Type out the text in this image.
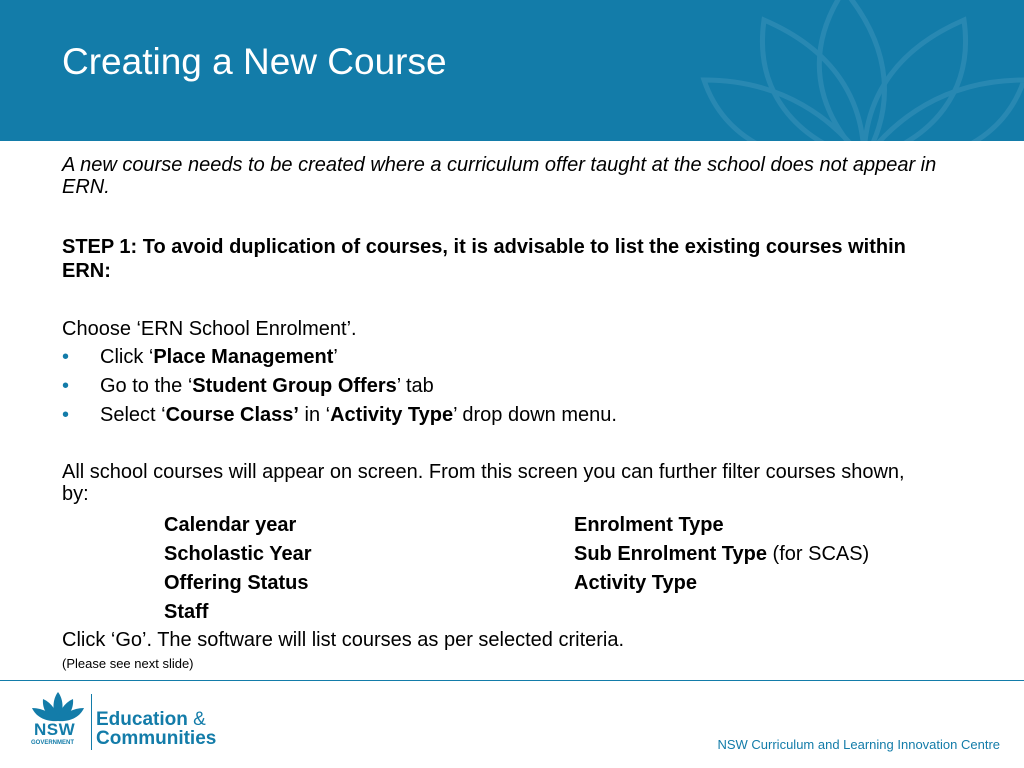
Creating a New Course

A new course needs to be created where a curriculum offer taught at the school does not appear in ERN.

STEP 1: To avoid duplication of courses, it is advisable to list the existing courses within ERN:

Choose ‘ERN School Enrolment’.

• Click ‘Place Management’
• Go to the ‘Student Group Offers’ tab
• Select ‘Course Class’ in ‘Activity Type’ drop down menu.

All school courses will appear on screen. From this screen you can further filter courses shown, by:

Calendar year	Enrolment Type
Scholastic Year	Sub Enrolment Type (for SCAS)
Offering Status	Activity Type
Staff

Click ‘Go’. The software will list courses as per selected criteria.

(Please see next slide)

NSW
GOVERNMENT
Education &
Communities	NSW Curriculum and Learning Innovation Centre
